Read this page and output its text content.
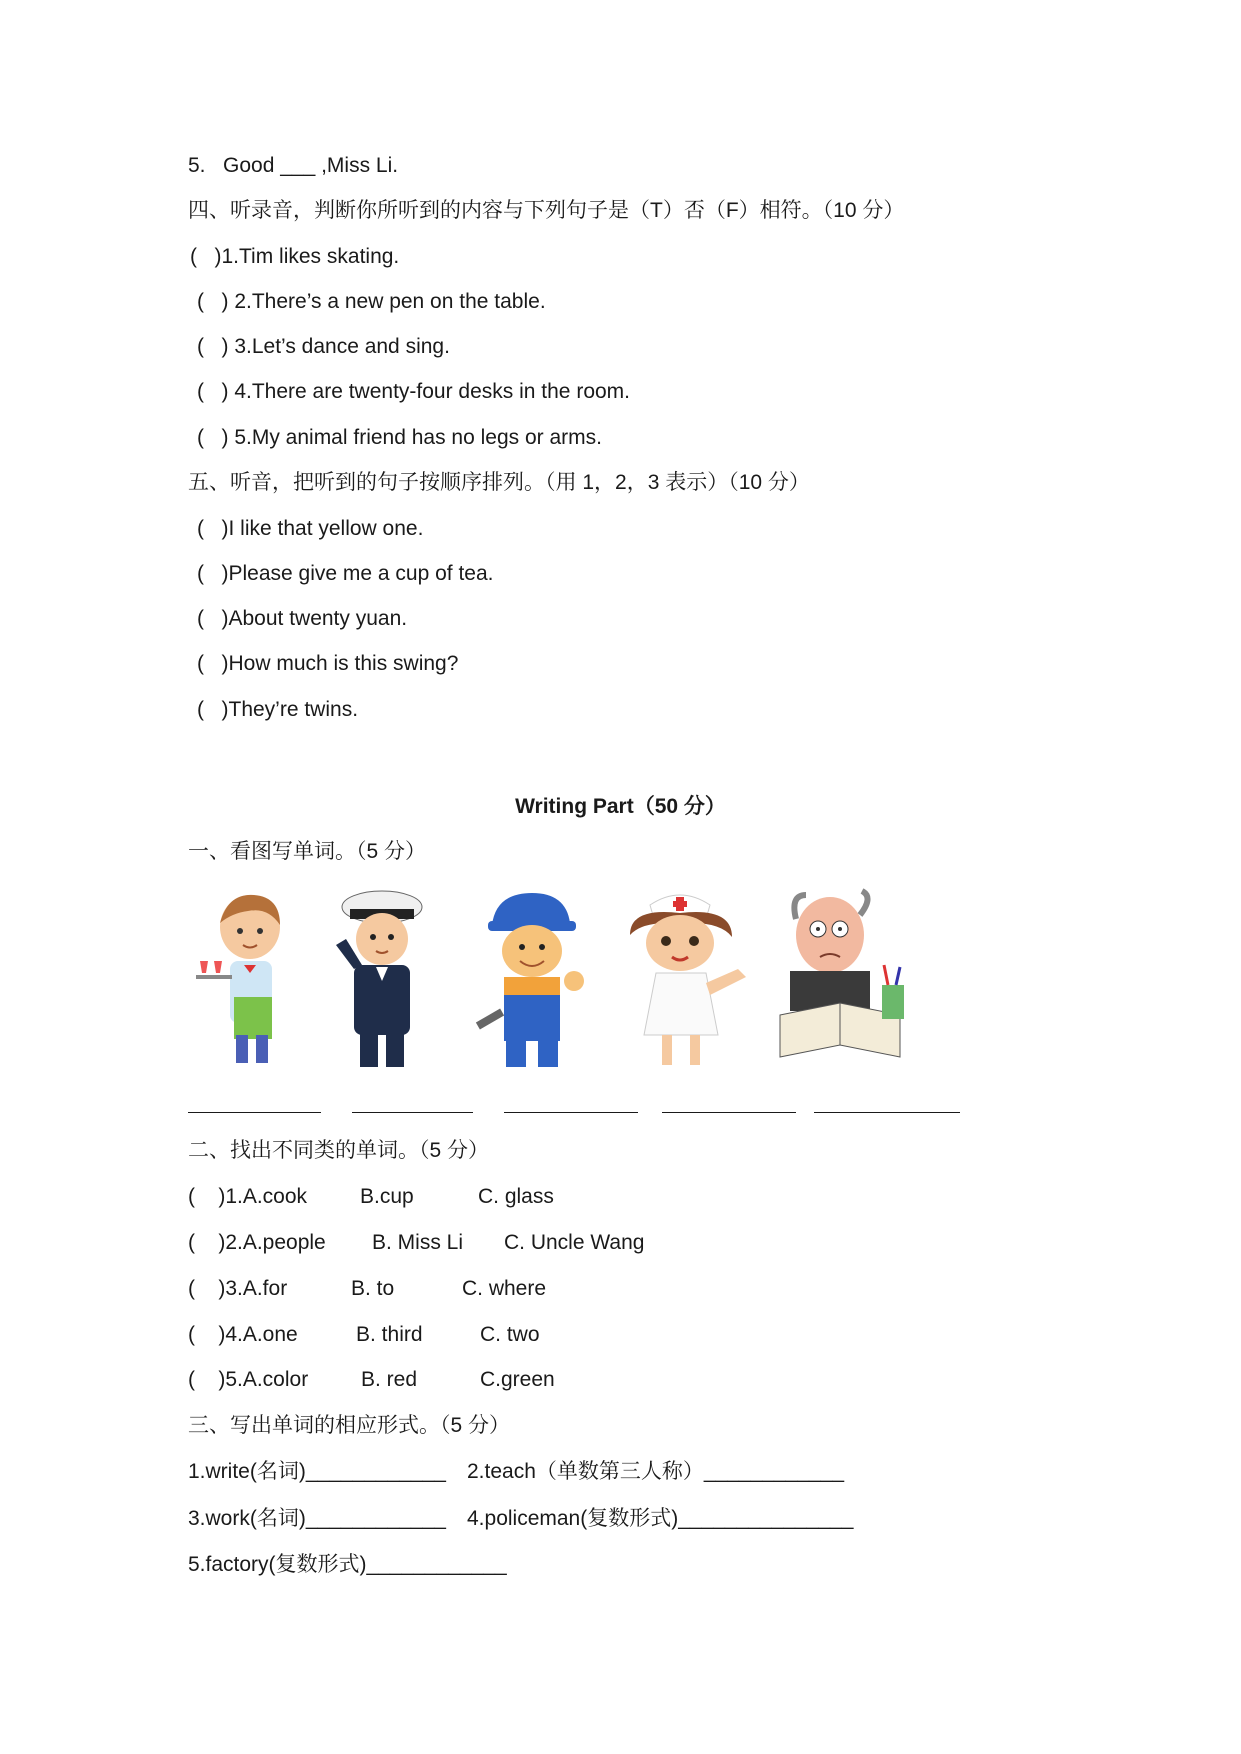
5.   Good ___ ,Miss Li.
四、听录音，判断你所听到的内容与下列句子是（T）否（F）相符。（10 分）
(   )1.Tim likes skating.
(   ) 2.There’s a new pen on the table.
(   ) 3.Let’s dance and sing.
(   ) 4.There are twenty-four desks in the room.
(   ) 5.My animal friend has no legs or arms.
五、听音，把听到的句子按顺序排列。（用 1，2，3 表示）（10 分）
(   )I like that yellow one.
(   )Please give me a cup of tea.
(   )About twenty yuan.
(   )How much is this swing?
(   )They’re twins.
Writing Part（50 分）
一、看图写单词。（5 分）
二、找出不同类的单词。（5 分）
(    )1.A.cook	B.cup	C. glass
(    )2.A.people B. Miss Li C. Uncle Wang
(    )3.A.for	B. to	C. where
(    )4.A.one	B. third	C. two
(    )5.A.color	B. red	C.green
三、写出单词的相应形式。（5 分）
1.write(名词)____________ 2.teach（单数第三人称）____________
3.work(名词)____________ 4.policeman(复数形式)_______________
5.factory(复数形式)____________
